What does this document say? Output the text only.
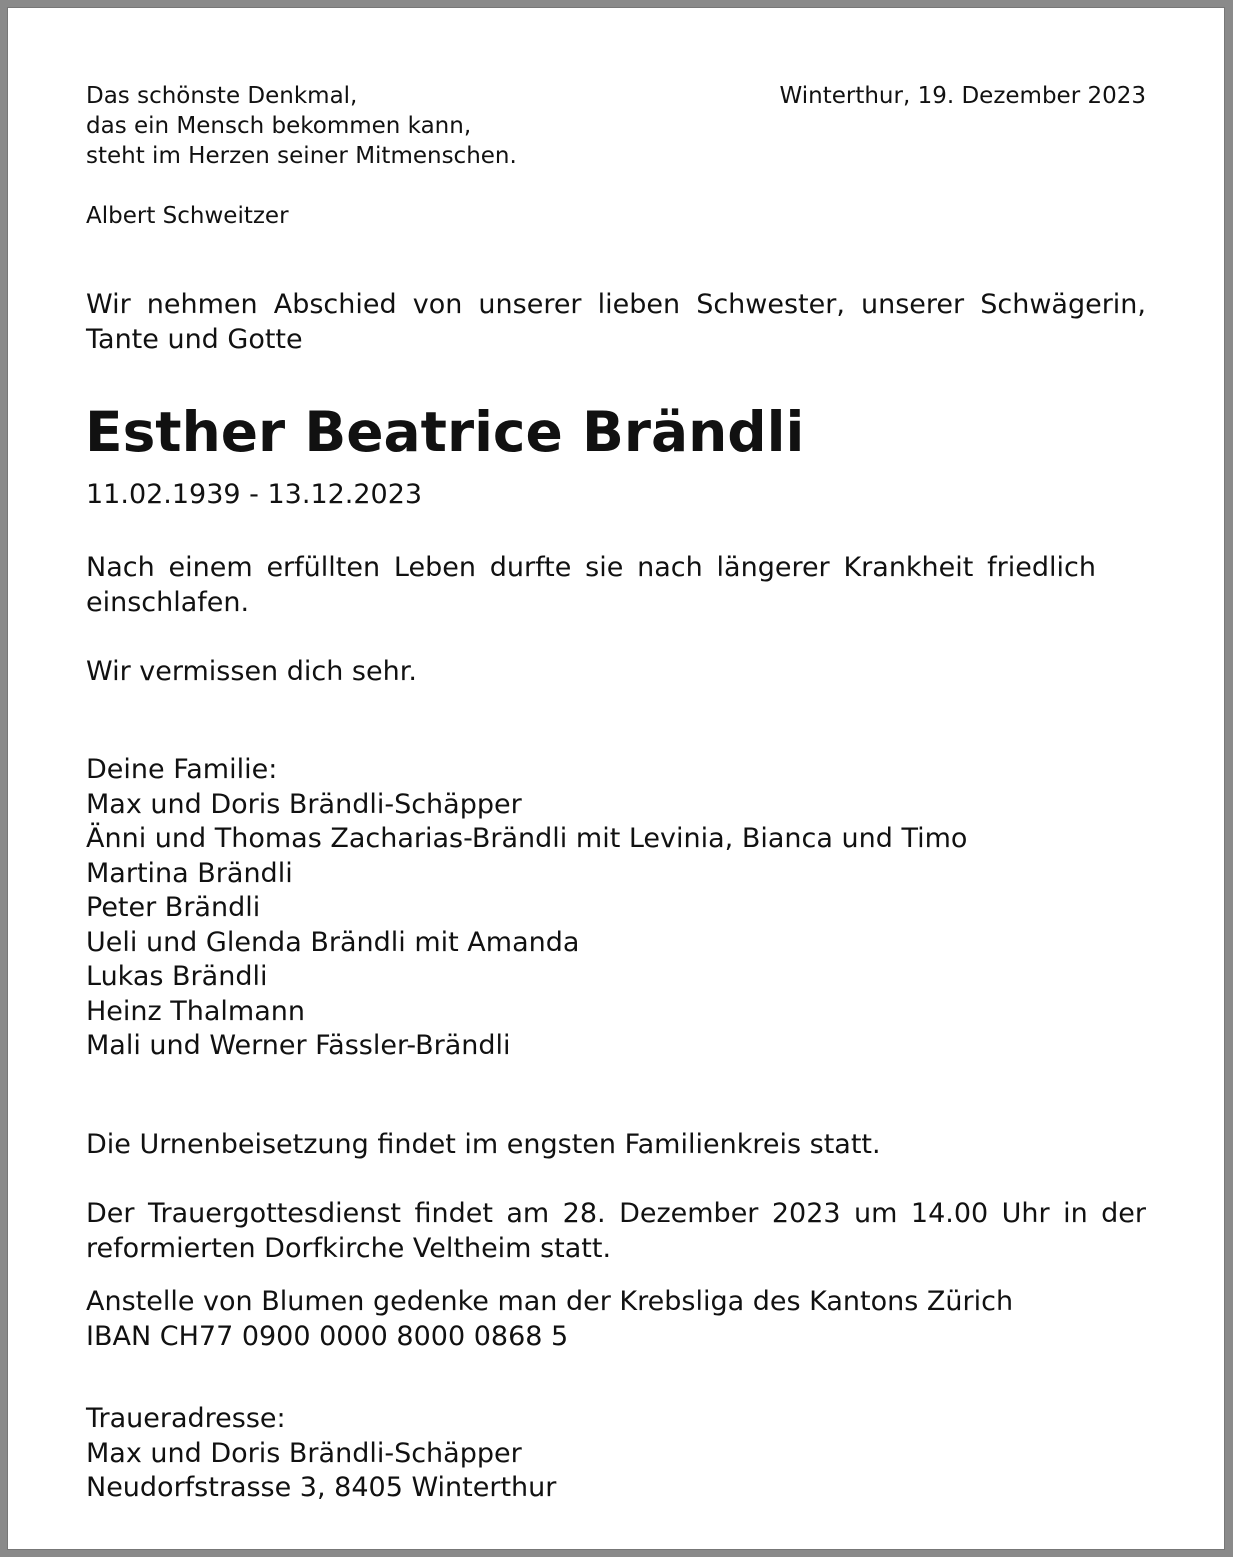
Das schönste Denkmal,
das ein Mensch bekommen kann,
steht im Herzen seiner Mitmenschen.
Albert Schweitzer
Winterthur, 19. Dezember 2023
Wir nehmen Abschied von unserer lieben Schwester, unserer Schwägerin, Tante und Gotte
Esther Beatrice Brändli
11.02.1939 - 13.12.2023
Nach einem erfüllten Leben durfte sie nach längerer Krankheit friedlich einschlafen.
Wir vermissen dich sehr.
Deine Familie:
Max und Doris Brändli-Schäpper
Änni und Thomas Zacharias-Brändli mit Levinia, Bianca und Timo
Martina Brändli
Peter Brändli
Ueli und Glenda Brändli mit Amanda
Lukas Brändli
Heinz Thalmann
Mali und Werner Fässler-Brändli
Die Urnenbeisetzung findet im engsten Familienkreis statt.
Der Trauergottesdienst findet am 28. Dezember 2023 um 14.00 Uhr in der reformierten Dorfkirche Veltheim statt.
Anstelle von Blumen gedenke man der Krebsliga des Kantons Zürich
IBAN CH77 0900 0000 8000 0868 5
Traueradresse:
Max und Doris Brändli-Schäpper
Neudorfstrasse 3, 8405 Winterthur
